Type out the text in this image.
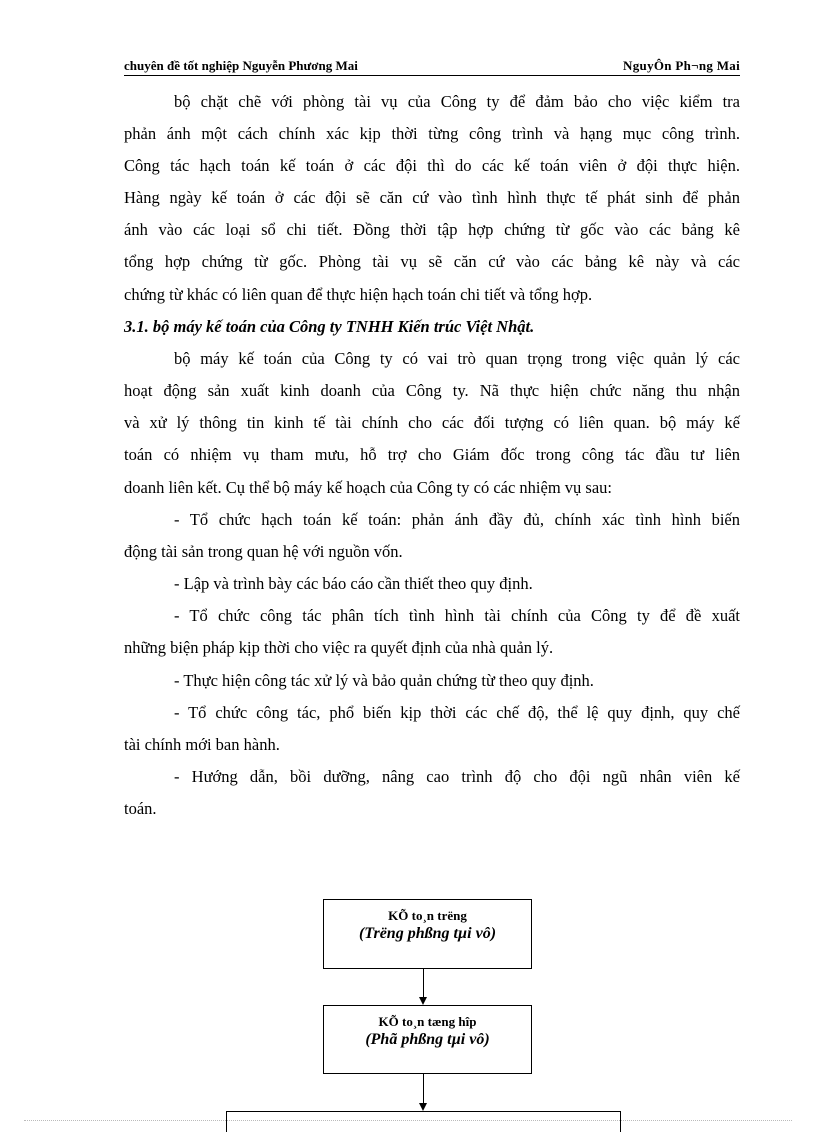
chuyên đề tốt nghiệp Nguyễn Phương Mai	NguyÔn Ph¬ng Mai
bộ chặt chẽ với phòng tài vụ của Công ty để đảm bảo cho việc kiểm tra
phản ánh một cách chính xác kịp thời từng công trình và hạng mục công trình.
Công tác hạch toán kế toán ở các đội thì do các kế toán viên ở đội thực hiện.
Hàng ngày kế toán ở các đội sẽ căn cứ vào tình hình thực tế phát sinh để phản
ánh vào các loại sổ chi tiết. Đồng thời tập hợp chứng từ gốc vào các bảng kê
tổng hợp chứng từ gốc. Phòng tài vụ sẽ căn cứ vào các bảng kê này và các
chứng từ khác có liên quan để thực hiện hạch toán chi tiết và tổng hợp.
3.1. bộ máy kế toán của Công ty TNHH Kiến trúc Việt Nhật.
bộ máy kế toán của Công ty có vai trò quan trọng trong việc quản lý các
hoạt động sản xuất kinh doanh của Công ty. Nã thực hiện chức năng thu nhận
và xử lý thông tin kinh tế tài chính cho các đối tượng có liên quan. bộ máy kế
toán có nhiệm vụ tham mưu, hỗ trợ cho Giám đốc trong công tác đầu tư liên
doanh liên kết. Cụ thể bộ máy kế hoạch của Công ty có các nhiệm vụ sau:
- Tổ chức hạch toán kế toán: phản ánh đầy đủ, chính xác tình hình biến
động tài sản trong quan hệ với nguồn vốn.
- Lập và trình bày các báo cáo cần thiết theo quy định.
- Tổ chức công tác phân tích tình hình tài chính của Công ty để đề xuất
những biện pháp kịp thời cho việc ra quyết định của nhà quản lý.
- Thực hiện công tác xử lý và bảo quản chứng từ theo quy định.
- Tổ chức công tác, phổ biến kịp thời các chế độ, thể lệ quy định, quy chế
tài chính mới ban hành.
- Hướng dẫn, bồi dưỡng, nâng cao trình độ cho đội ngũ nhân viên kế
toán.
KÕ to¸n trëng
(Trëng phßng tµi vô)
KÕ to¸n tæng hîp
(Phã phßng tµi vô)
